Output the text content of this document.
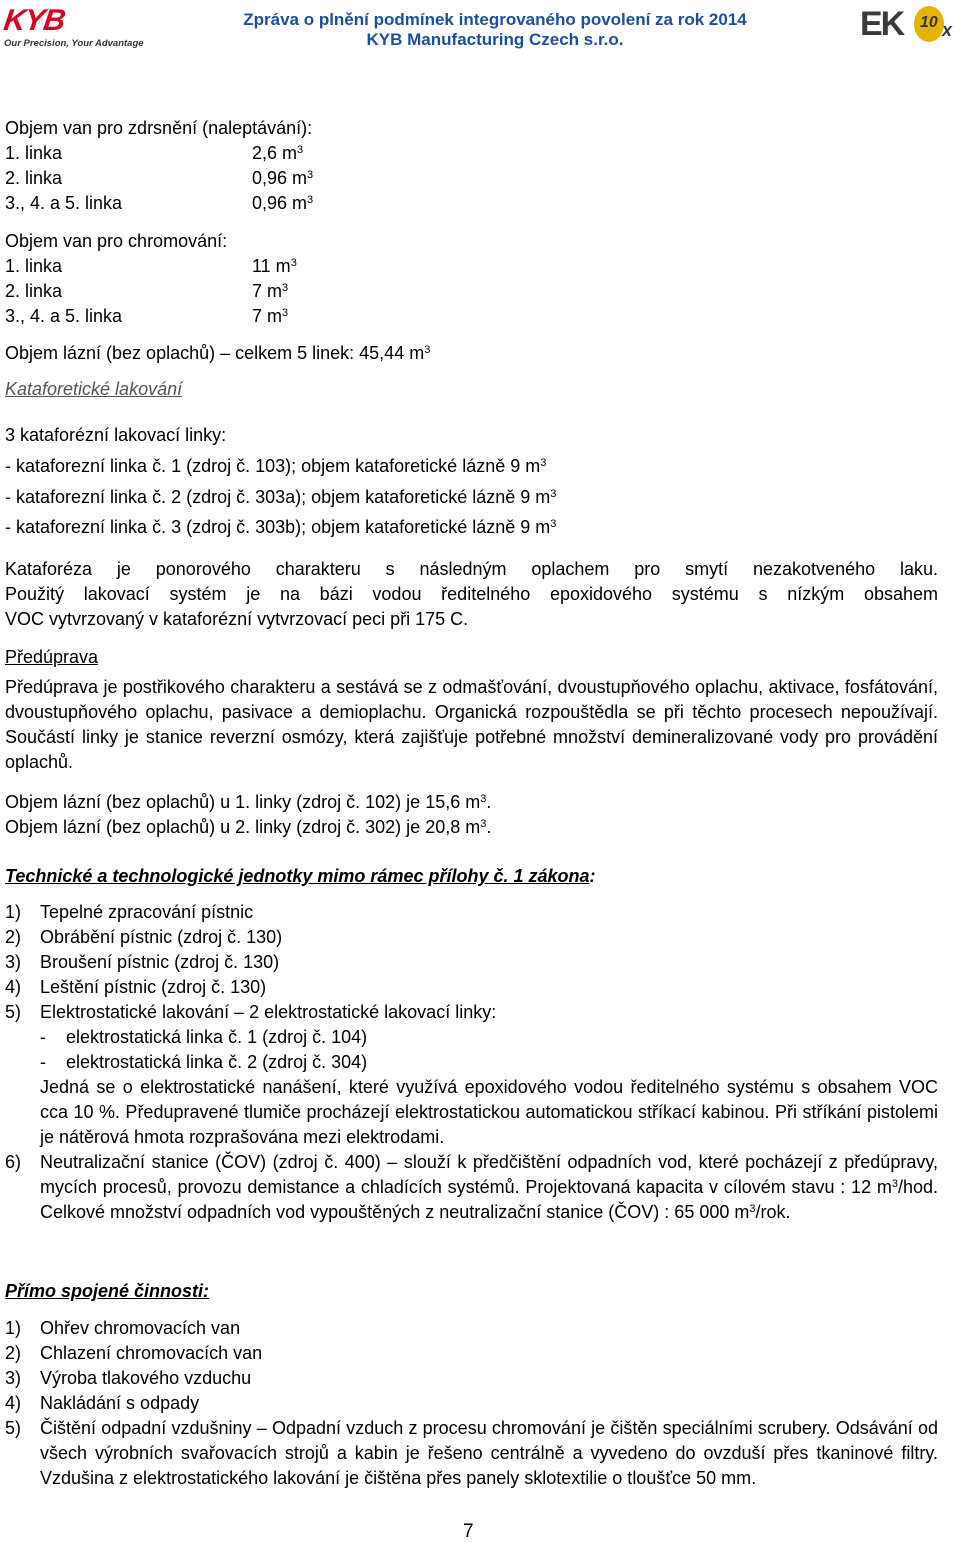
KYB
Our Precision, Your Advantage
Zpráva o plnění podmínek integrovaného povolení za rok 2014
KYB Manufacturing Czech s.r.o.	EK	10 x
Objem van pro zdrsnění (naleptávání):
1. linka	2,6 $m^3$
2. linka	0,96 $m^3$
3., 4. a 5. linka	0,96 $m^3$
Objem van pro chromování:
1. linka	11 $m^3$
2. linka	7 $m^3$
3., 4. a 5. linka	7 $m^3$
Objem lázní (bez oplachů) – celkem 5 linek: 45,44 $m^3$
Kataforetické lakování
3 kataforézní lakovací linky:
- kataforezní linka č. 1 (zdroj č. 103); objem kataforetické lázně 9 $m^3$
- kataforezní linka č. 2 (zdroj č. 303a); objem kataforetické lázně 9 $m^3$
- kataforezní linka č. 3 (zdroj č. 303b); objem kataforetické lázně 9 $m^3$
Kataforéza je ponorového charakteru s následným oplachem pro smytí nezakotveného laku.
Použitý lakovací systém je na bázi vodou ředitelného epoxidového systému s nízkým obsahem
VOC vytvrzovaný v kataforézní vytvrzovací peci při 175 C.
Předúprava
Předúprava je postřikového charakteru a sestává se z odmašťování, dvoustupňového oplachu, aktivace, fosfátování, dvoustupňového oplachu, pasivace a demioplachu. Organická rozpouštědla se při těchto procesech nepoužívají. Součástí linky je stanice reverzní osmózy, která zajišťuje potřebné množství demineralizované vody pro provádění oplachů.
Objem lázní (bez oplachů) u 1. linky (zdroj č. 102) je 15,6 $m^3$.
Objem lázní (bez oplachů) u 2. linky (zdroj č. 302) je 20,8 $m^3$.
Technické a technologické jednotky mimo rámec přílohy č. 1 zákona:
1) Tepelné zpracování pístnic
2) Obrábění pístnic (zdroj č. 130)
3) Broušení pístnic (zdroj č. 130)
4) Leštění pístnic (zdroj č. 130)
5) Elektrostatické lakování – 2 elektrostatické lakovací linky:
-    elektrostatická linka č. 1 (zdroj č. 104)
-    elektrostatická linka č. 2 (zdroj č. 304)
Jedná se o elektrostatické nanášení, které využívá epoxidového vodou ředitelného systému s obsahem VOC cca 10 %. Předupravené tlumiče procházejí elektrostatickou automatickou stříkací kabinou. Při stříkání pistolemi je nátěrová hmota rozprašována mezi elektrodami.
6) Neutralizační stanice (ČOV) (zdroj č. 400) – slouží k předčištění odpadních vod, které pocházejí z předúpravy, mycích procesů, provozu demistance a chladících systémů. Projektovaná kapacita v cílovém stavu : 12 $m^3$/hod. Celkové množství odpadních vod vypouštěných z neutralizační stanice (ČOV) : 65 000 $m^3$/rok.
Přímo spojené činnosti:
1) Ohřev chromovacích van
2) Chlazení chromovacích van
3) Výroba tlakového vzduchu
4) Nakládání s odpady
5) Čištění odpadní vzdušniny – Odpadní vzduch z procesu chromování je čištěn speciálními scrubery. Odsávání od všech výrobních svařovacích strojů a kabin je řešeno centrálně a vyvedeno do ovzduší přes tkaninové filtry. Vzdušina z elektrostatického lakování je čištěna přes panely sklotextilie o tloušťce 50 mm.
7
